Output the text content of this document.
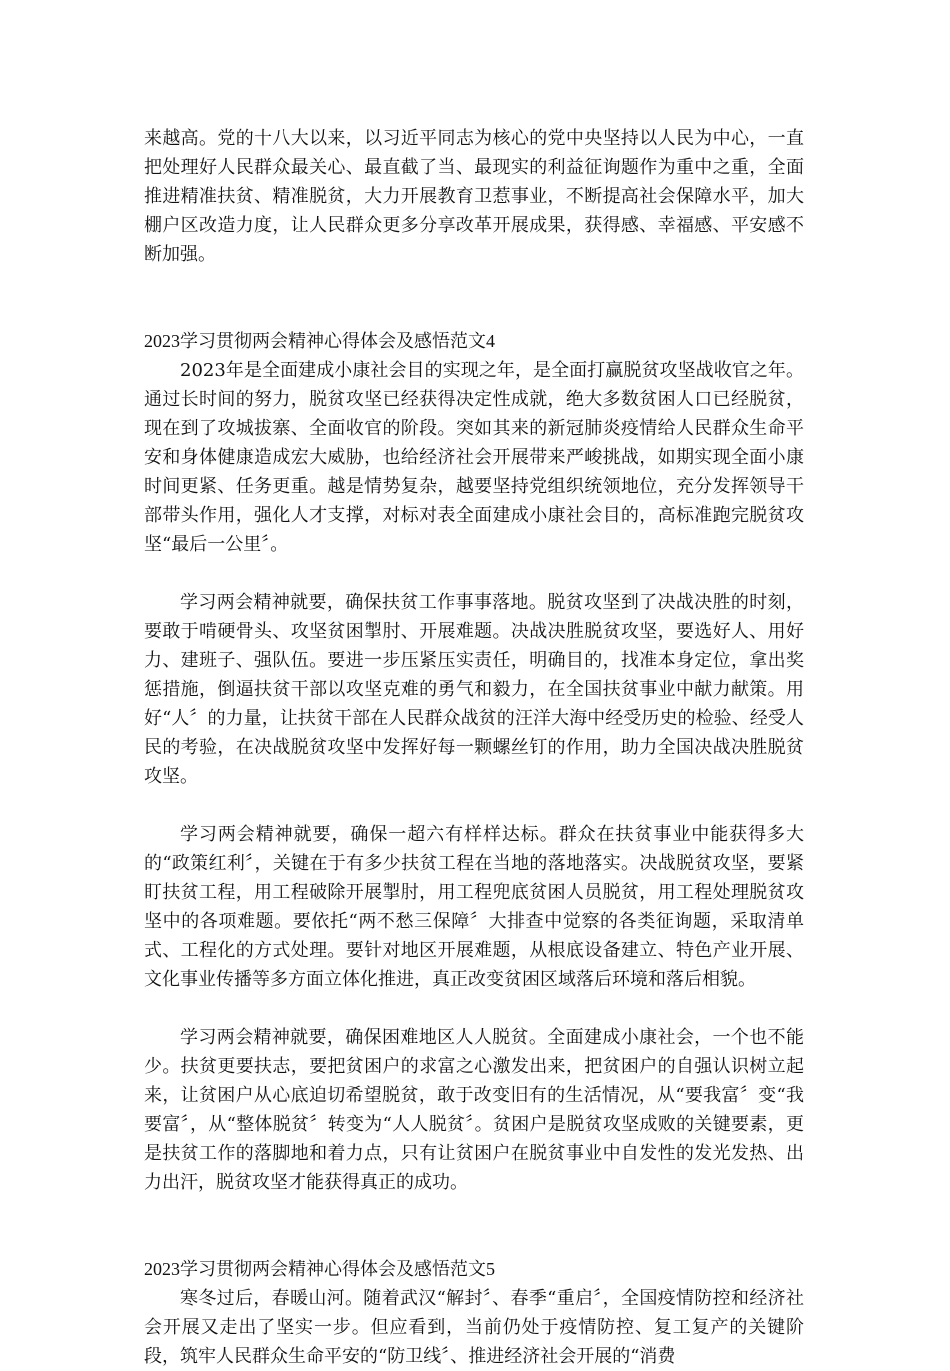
来越高。党的十八大以来，以习近平同志为核心的党中央坚持以人民为中心，一直把处理好人民群众最关心、最直截了当、最现实的利益征询题作为重中之重，全面推进精准扶贫、精准脱贫，大力开展教育卫惹事业，不断提高社会保障水平，加大棚户区改造力度，让人民群众更多分享改革开展成果，获得感、幸福感、平安感不断加强。

2023学习贯彻两会精神心得体会及感悟范文4

2023年是全面建成小康社会目的实现之年，是全面打赢脱贫攻坚战收官之年。通过长时间的努力，脱贫攻坚已经获得决定性成就，绝大多数贫困人口已经脱贫，现在到了攻城拔寨、全面收官的阶段。突如其来的新冠肺炎疫情给人民群众生命平安和身体健康造成宏大威胁，也给经济社会开展带来严峻挑战，如期实现全面小康时间更紧、任务更重。越是情势复杂，越要坚持党组织统领地位，充分发挥领导干部带头作用，强化人才支撑，对标对表全面建成小康社会目的，高标准跑完脱贫攻坚“最后一公里〞。

学习两会精神就要，确保扶贫工作事事落地。脱贫攻坚到了决战决胜的时刻，要敢于啃硬骨头、攻坚贫困掣肘、开展难题。决战决胜脱贫攻坚，要选好人、用好力、建班子、强队伍。要进一步压紧压实责任，明确目的，找准本身定位，拿出奖惩措施，倒逼扶贫干部以攻坚克难的勇气和毅力，在全国扶贫事业中献力献策。用好“人〞的力量，让扶贫干部在人民群众战贫的汪洋大海中经受历史的检验、经受人民的考验，在决战脱贫攻坚中发挥好每一颗螺丝钉的作用，助力全国决战决胜脱贫攻坚。

学习两会精神就要，确保一超六有样样达标。群众在扶贫事业中能获得多大的“政策红利〞，关键在于有多少扶贫工程在当地的落地落实。决战脱贫攻坚，要紧盯扶贫工程，用工程破除开展掣肘，用工程兜底贫困人员脱贫，用工程处理脱贫攻坚中的各项难题。要依托“两不愁三保障〞大排查中觉察的各类征询题，采取清单式、工程化的方式处理。要针对地区开展难题，从根底设备建立、特色产业开展、文化事业传播等多方面立体化推进，真正改变贫困区域落后环境和落后相貌。

学习两会精神就要，确保困难地区人人脱贫。全面建成小康社会，一个也不能少。扶贫更要扶志，要把贫困户的求富之心激发出来，把贫困户的自强认识树立起来，让贫困户从心底迫切希望脱贫，敢于改变旧有的生活情况，从“要我富〞变“我要富〞，从“整体脱贫〞转变为“人人脱贫〞。贫困户是脱贫攻坚成败的关键要素，更是扶贫工作的落脚地和着力点，只有让贫困户在脱贫事业中自发性的发光发热、出力出汗，脱贫攻坚才能获得真正的成功。

2023学习贯彻两会精神心得体会及感悟范文5

寒冬过后，春暖山河。随着武汉“解封〞、春季“重启〞，全国疫情防控和经济社会开展又走出了坚实一步。但应看到，当前仍处于疫情防控、复工复产的关键阶段，筑牢人民群众生命平安的“防卫线〞、推进经济社会开展的“消费
